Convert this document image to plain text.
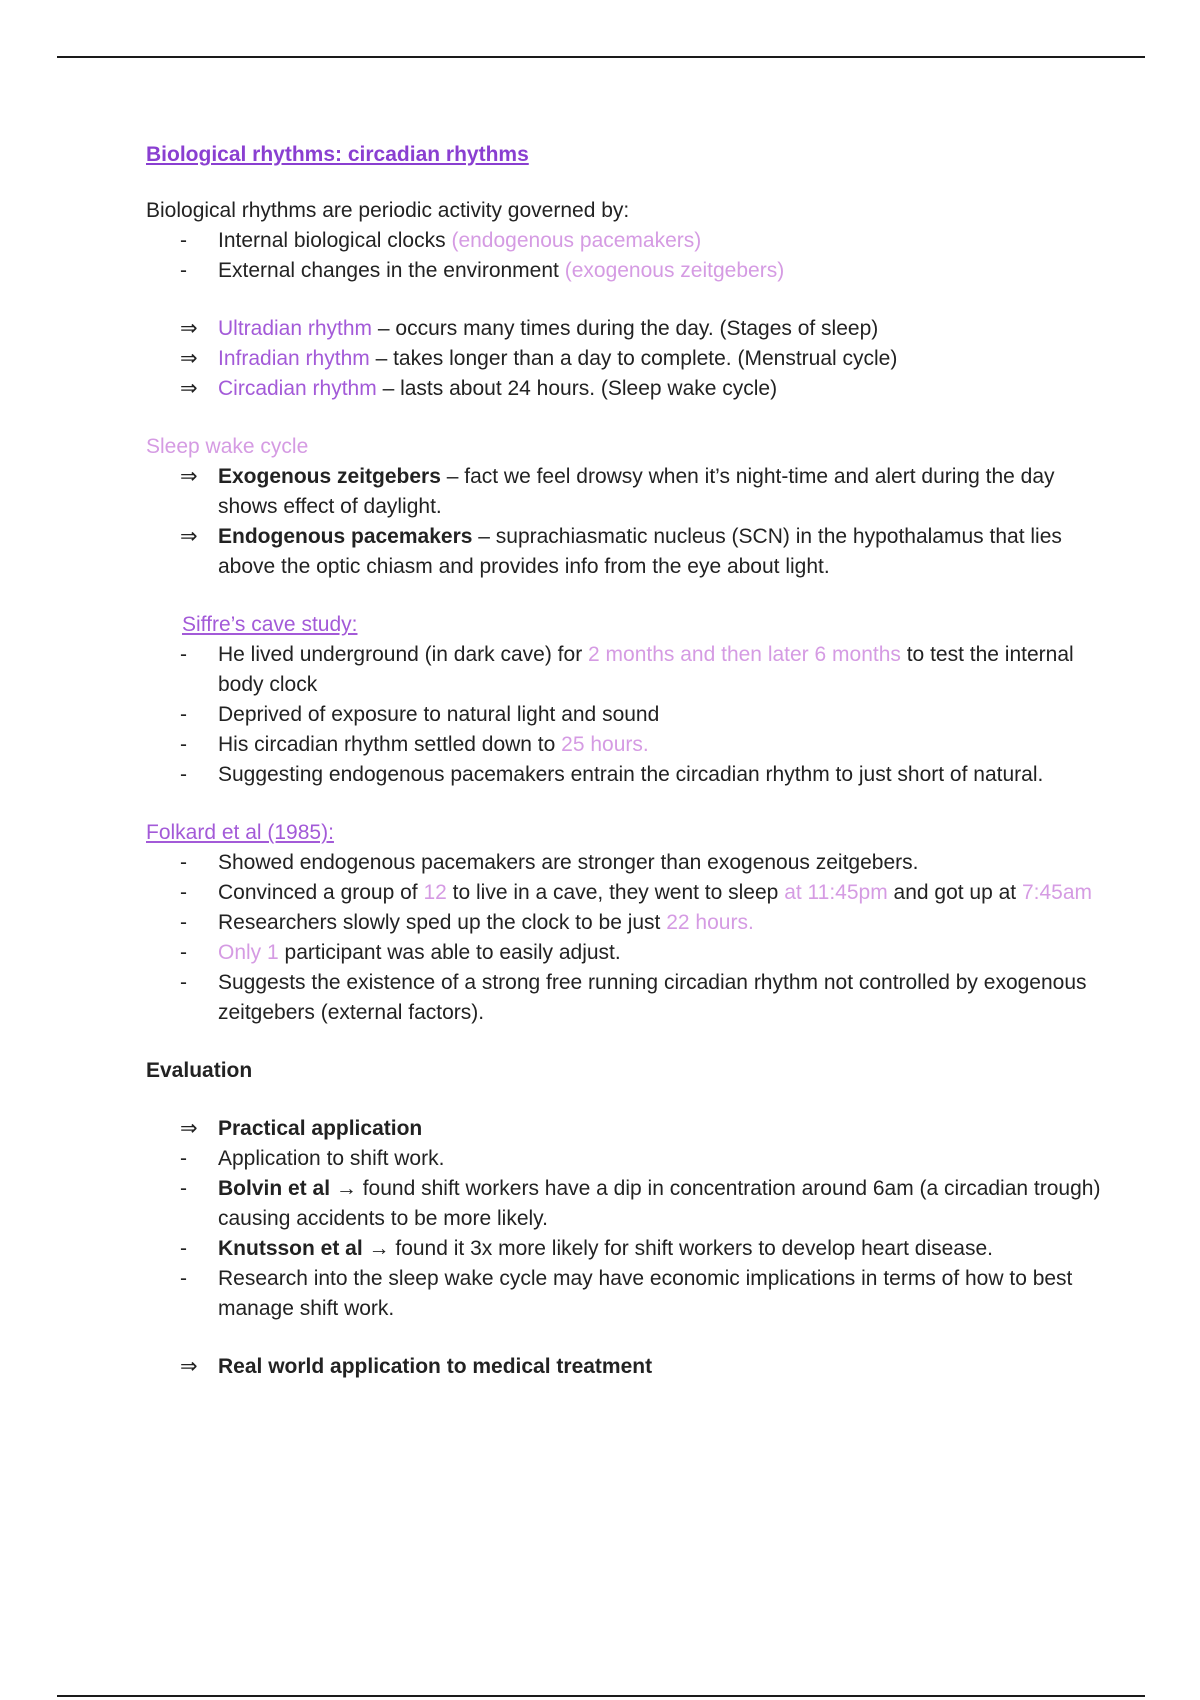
Biological rhythms: circadian rhythms
Biological rhythms are periodic activity governed by:
-	Internal biological clocks (endogenous pacemakers)
-	External changes in the environment (exogenous zeitgebers)
⇒ Ultradian rhythm – occurs many times during the day. (Stages of sleep)
⇒ Infradian rhythm – takes longer than a day to complete. (Menstrual cycle)
⇒ Circadian rhythm – lasts about 24 hours. (Sleep wake cycle)
Sleep wake cycle
⇒ Exogenous zeitgebers – fact we feel drowsy when it’s night-time and alert during the day shows effect of daylight.
⇒ Endogenous pacemakers – suprachiasmatic nucleus (SCN) in the hypothalamus that lies above the optic chiasm and provides info from the eye about light.
Siffre’s cave study:
-	He lived underground (in dark cave) for 2 months and then later 6 months to test the internal body clock
-	Deprived of exposure to natural light and sound
-	His circadian rhythm settled down to 25 hours.
-	Suggesting endogenous pacemakers entrain the circadian rhythm to just short of natural.
Folkard et al (1985):
-	Showed endogenous pacemakers are stronger than exogenous zeitgebers.
-	Convinced a group of 12 to live in a cave, they went to sleep at 11:45pm and got up at 7:45am
-	Researchers slowly sped up the clock to be just 22 hours.
-	Only 1 participant was able to easily adjust.
-	Suggests the existence of a strong free running circadian rhythm not controlled by exogenous zeitgebers (external factors).
Evaluation
⇒ Practical application
-	Application to shift work.
-	Bolvin et al → found shift workers have a dip in concentration around 6am (a circadian trough) causing accidents to be more likely.
-	Knutsson et al → found it 3x more likely for shift workers to develop heart disease.
-	Research into the sleep wake cycle may have economic implications in terms of how to best manage shift work.
⇒ Real world application to medical treatment
